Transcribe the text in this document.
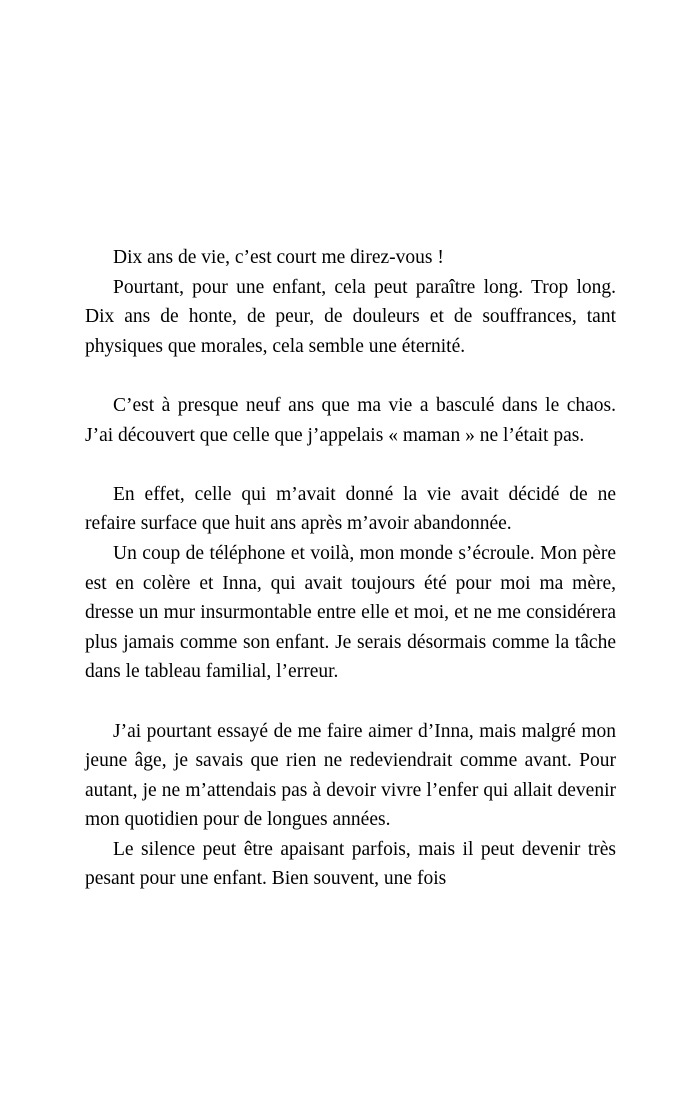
Dix ans de vie, c’est court me direz-vous !

Pourtant, pour une enfant, cela peut paraître long. Trop long. Dix ans de honte, de peur, de douleurs et de souffrances, tant physiques que morales, cela semble une éternité.

C’est à presque neuf ans que ma vie a basculé dans le chaos. J’ai découvert que celle que j’appelais « maman » ne l’était pas.

En effet, celle qui m’avait donné la vie avait décidé de ne refaire surface que huit ans après m’avoir abandonnée.

Un coup de téléphone et voilà, mon monde s’écroule. Mon père est en colère et Inna, qui avait toujours été pour moi ma mère, dresse un mur insurmontable entre elle et moi, et ne me considérera plus jamais comme son enfant. Je serais désormais comme la tâche dans le tableau familial, l’erreur.

J’ai pourtant essayé de me faire aimer d’Inna, mais malgré mon jeune âge, je savais que rien ne redeviendrait comme avant. Pour autant, je ne m’attendais pas à devoir vivre l’enfer qui allait devenir mon quotidien pour de longues années.

Le silence peut être apaisant parfois, mais il peut devenir très pesant pour une enfant. Bien souvent, une fois
